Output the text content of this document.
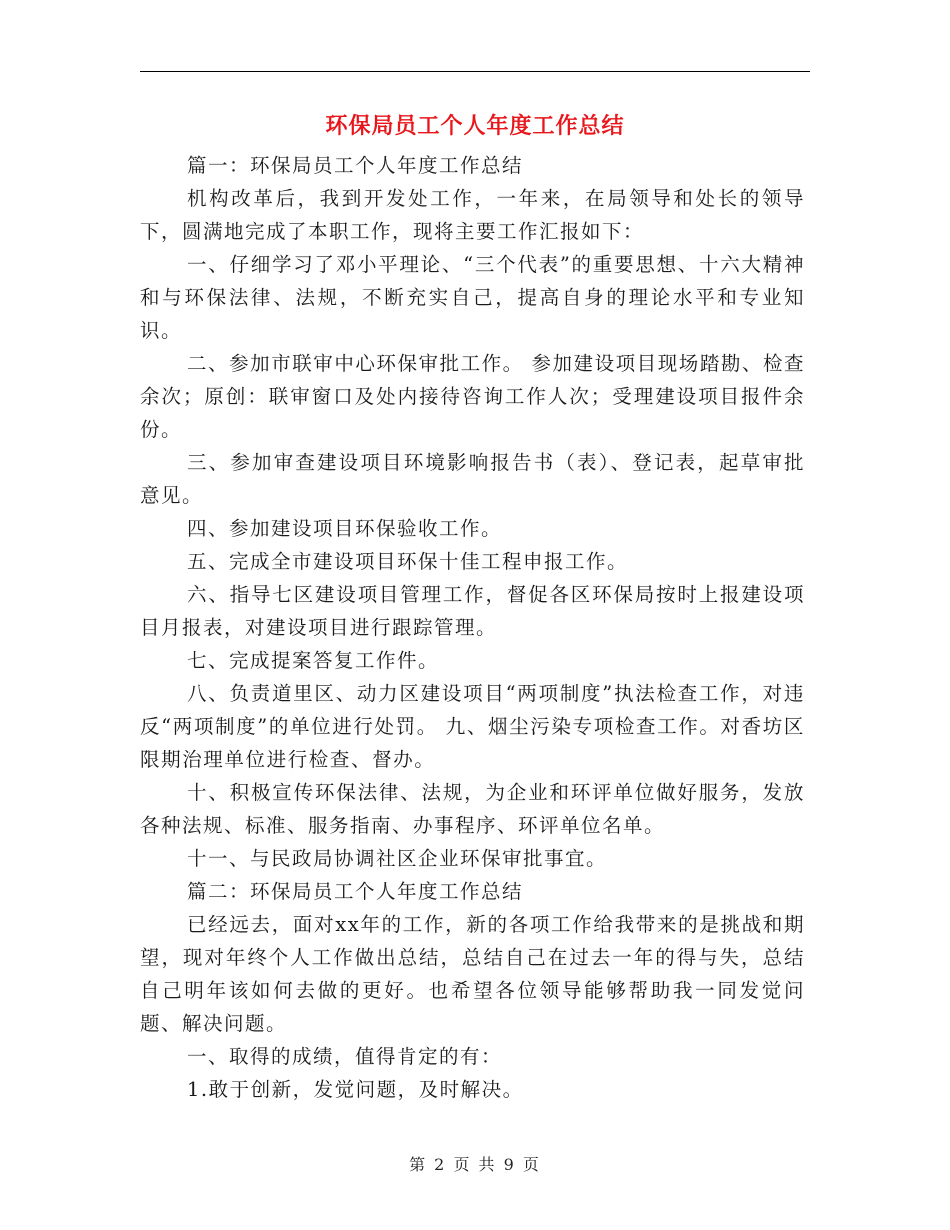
环保局员工个人年度工作总结

篇一：环保局员工个人年度工作总结

机构改革后，我到开发处工作，一年来，在局领导和处长的领导下，圆满地完成了本职工作，现将主要工作汇报如下：

一、仔细学习了邓小平理论、“三个代表”的重要思想、十六大精神和与环保法律、法规，不断充实自己，提高自身的理论水平和专业知识。

二、参加市联审中心环保审批工作。 参加建设项目现场踏勘、检查余次；原创：联审窗口及处内接待咨询工作人次；受理建设项目报件余份。

三、参加审查建设项目环境影响报告书（表）、登记表，起草审批意见。

四、参加建设项目环保验收工作。

五、完成全市建设项目环保十佳工程申报工作。

六、指导七区建设项目管理工作，督促各区环保局按时上报建设项目月报表，对建设项目进行跟踪管理。

七、完成提案答复工作件。

八、负责道里区、动力区建设项目“两项制度”执法检查工作，对违反“两项制度”的单位进行处罚。 九、烟尘污染专项检查工作。对香坊区限期治理单位进行检查、督办。

十、积极宣传环保法律、法规，为企业和环评单位做好服务，发放各种法规、标准、服务指南、办事程序、环评单位名单。

十一、与民政局协调社区企业环保审批事宜。

篇二：环保局员工个人年度工作总结

已经远去，面对xx年的工作，新的各项工作给我带来的是挑战和期望，现对年终个人工作做出总结，总结自己在过去一年的得与失，总结自己明年该如何去做的更好。也希望各位领导能够帮助我一同发觉问题、解决问题。

一、取得的成绩，值得肯定的有：

1.敢于创新，发觉问题，及时解决。

第 2 页 共 9 页
